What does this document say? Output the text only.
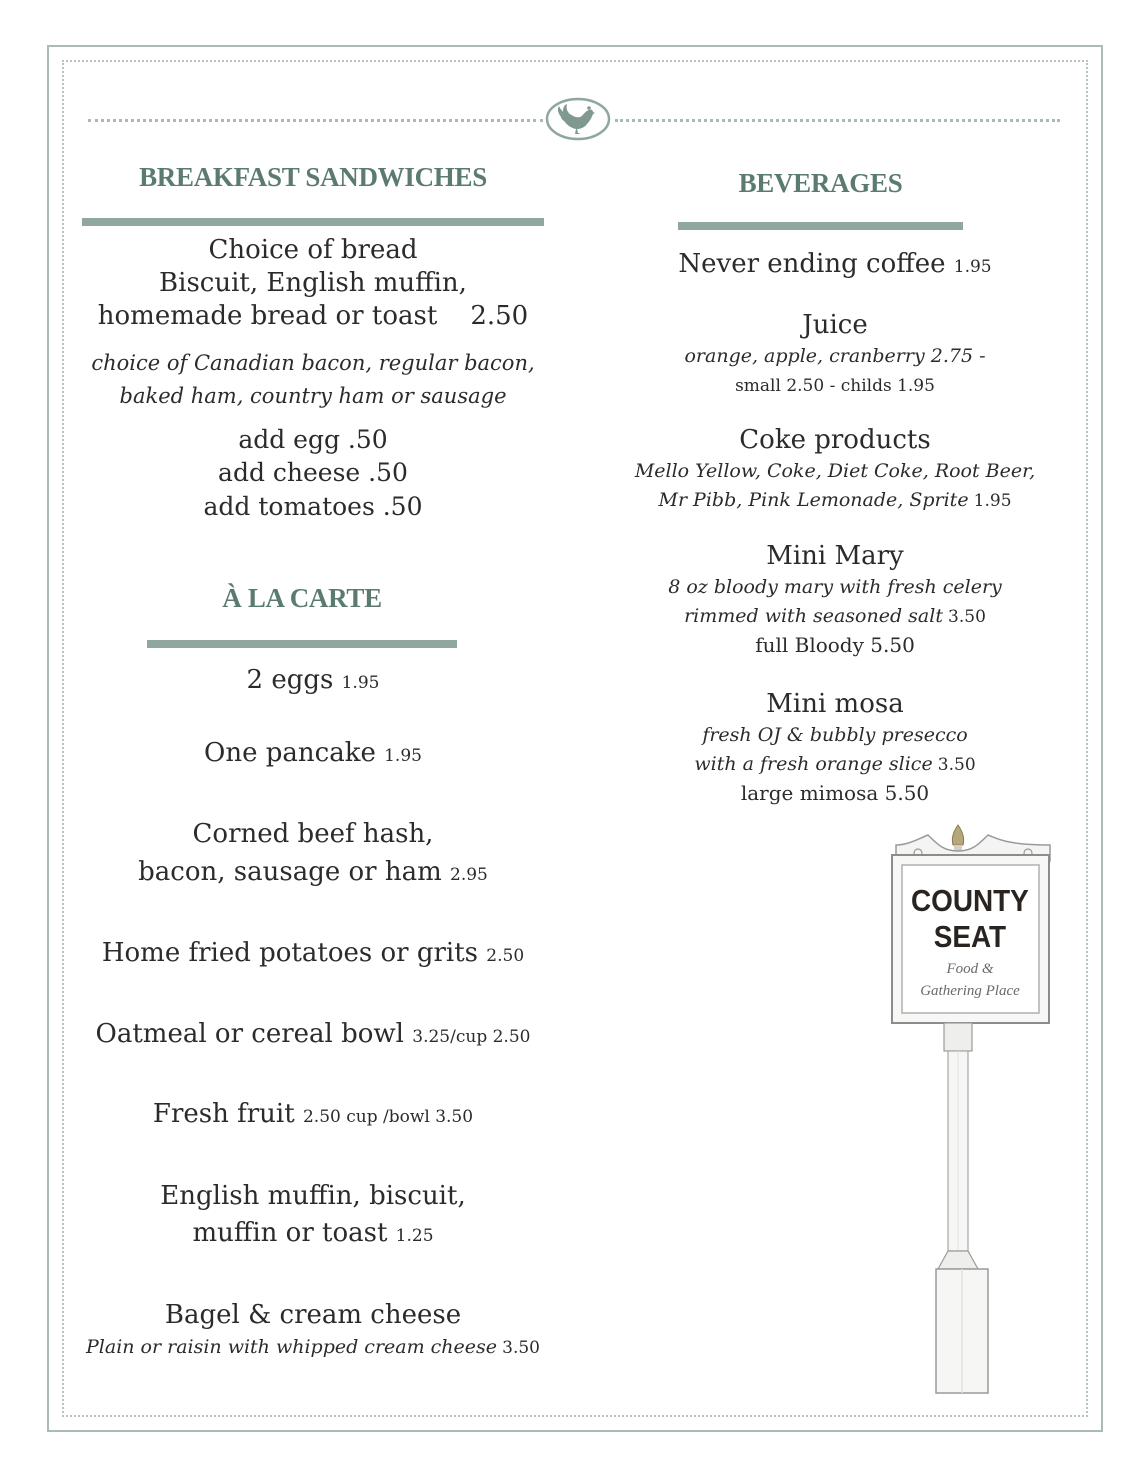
BREAKFAST SANDWICHES
Choice of bread
Biscuit, English muffin,
homemade bread or toast 2.50
choice of Canadian bacon, regular bacon,
baked ham, country ham or sausage
add egg .50
add cheese .50
add tomatoes .50
À LA CARTE
2 eggs 1.95
One pancake 1.95
Corned beef hash,
bacon, sausage or ham 2.95
Home fried potatoes or grits 2.50
Oatmeal or cereal bowl 3.25/cup 2.50
Fresh fruit 2.50 cup /bowl 3.50
English muffin, biscuit,
muffin or toast 1.25
Bagel & cream cheese
Plain or raisin with whipped cream cheese 3.50
BEVERAGES
Never ending coffee 1.95
Juice
orange, apple, cranberry 2.75 -
small 2.50 - childs 1.95
Coke products
Mello Yellow, Coke, Diet Coke, Root Beer,
Mr Pibb, Pink Lemonade, Sprite 1.95
Mini Mary
8 oz bloody mary with fresh celery
rimmed with seasoned salt 3.50
full Bloody 5.50
Mini mosa
fresh OJ & bubbly presecco
with a fresh orange slice 3.50
large mimosa 5.50
COUNTY
SEAT
Food &
Gathering Place
